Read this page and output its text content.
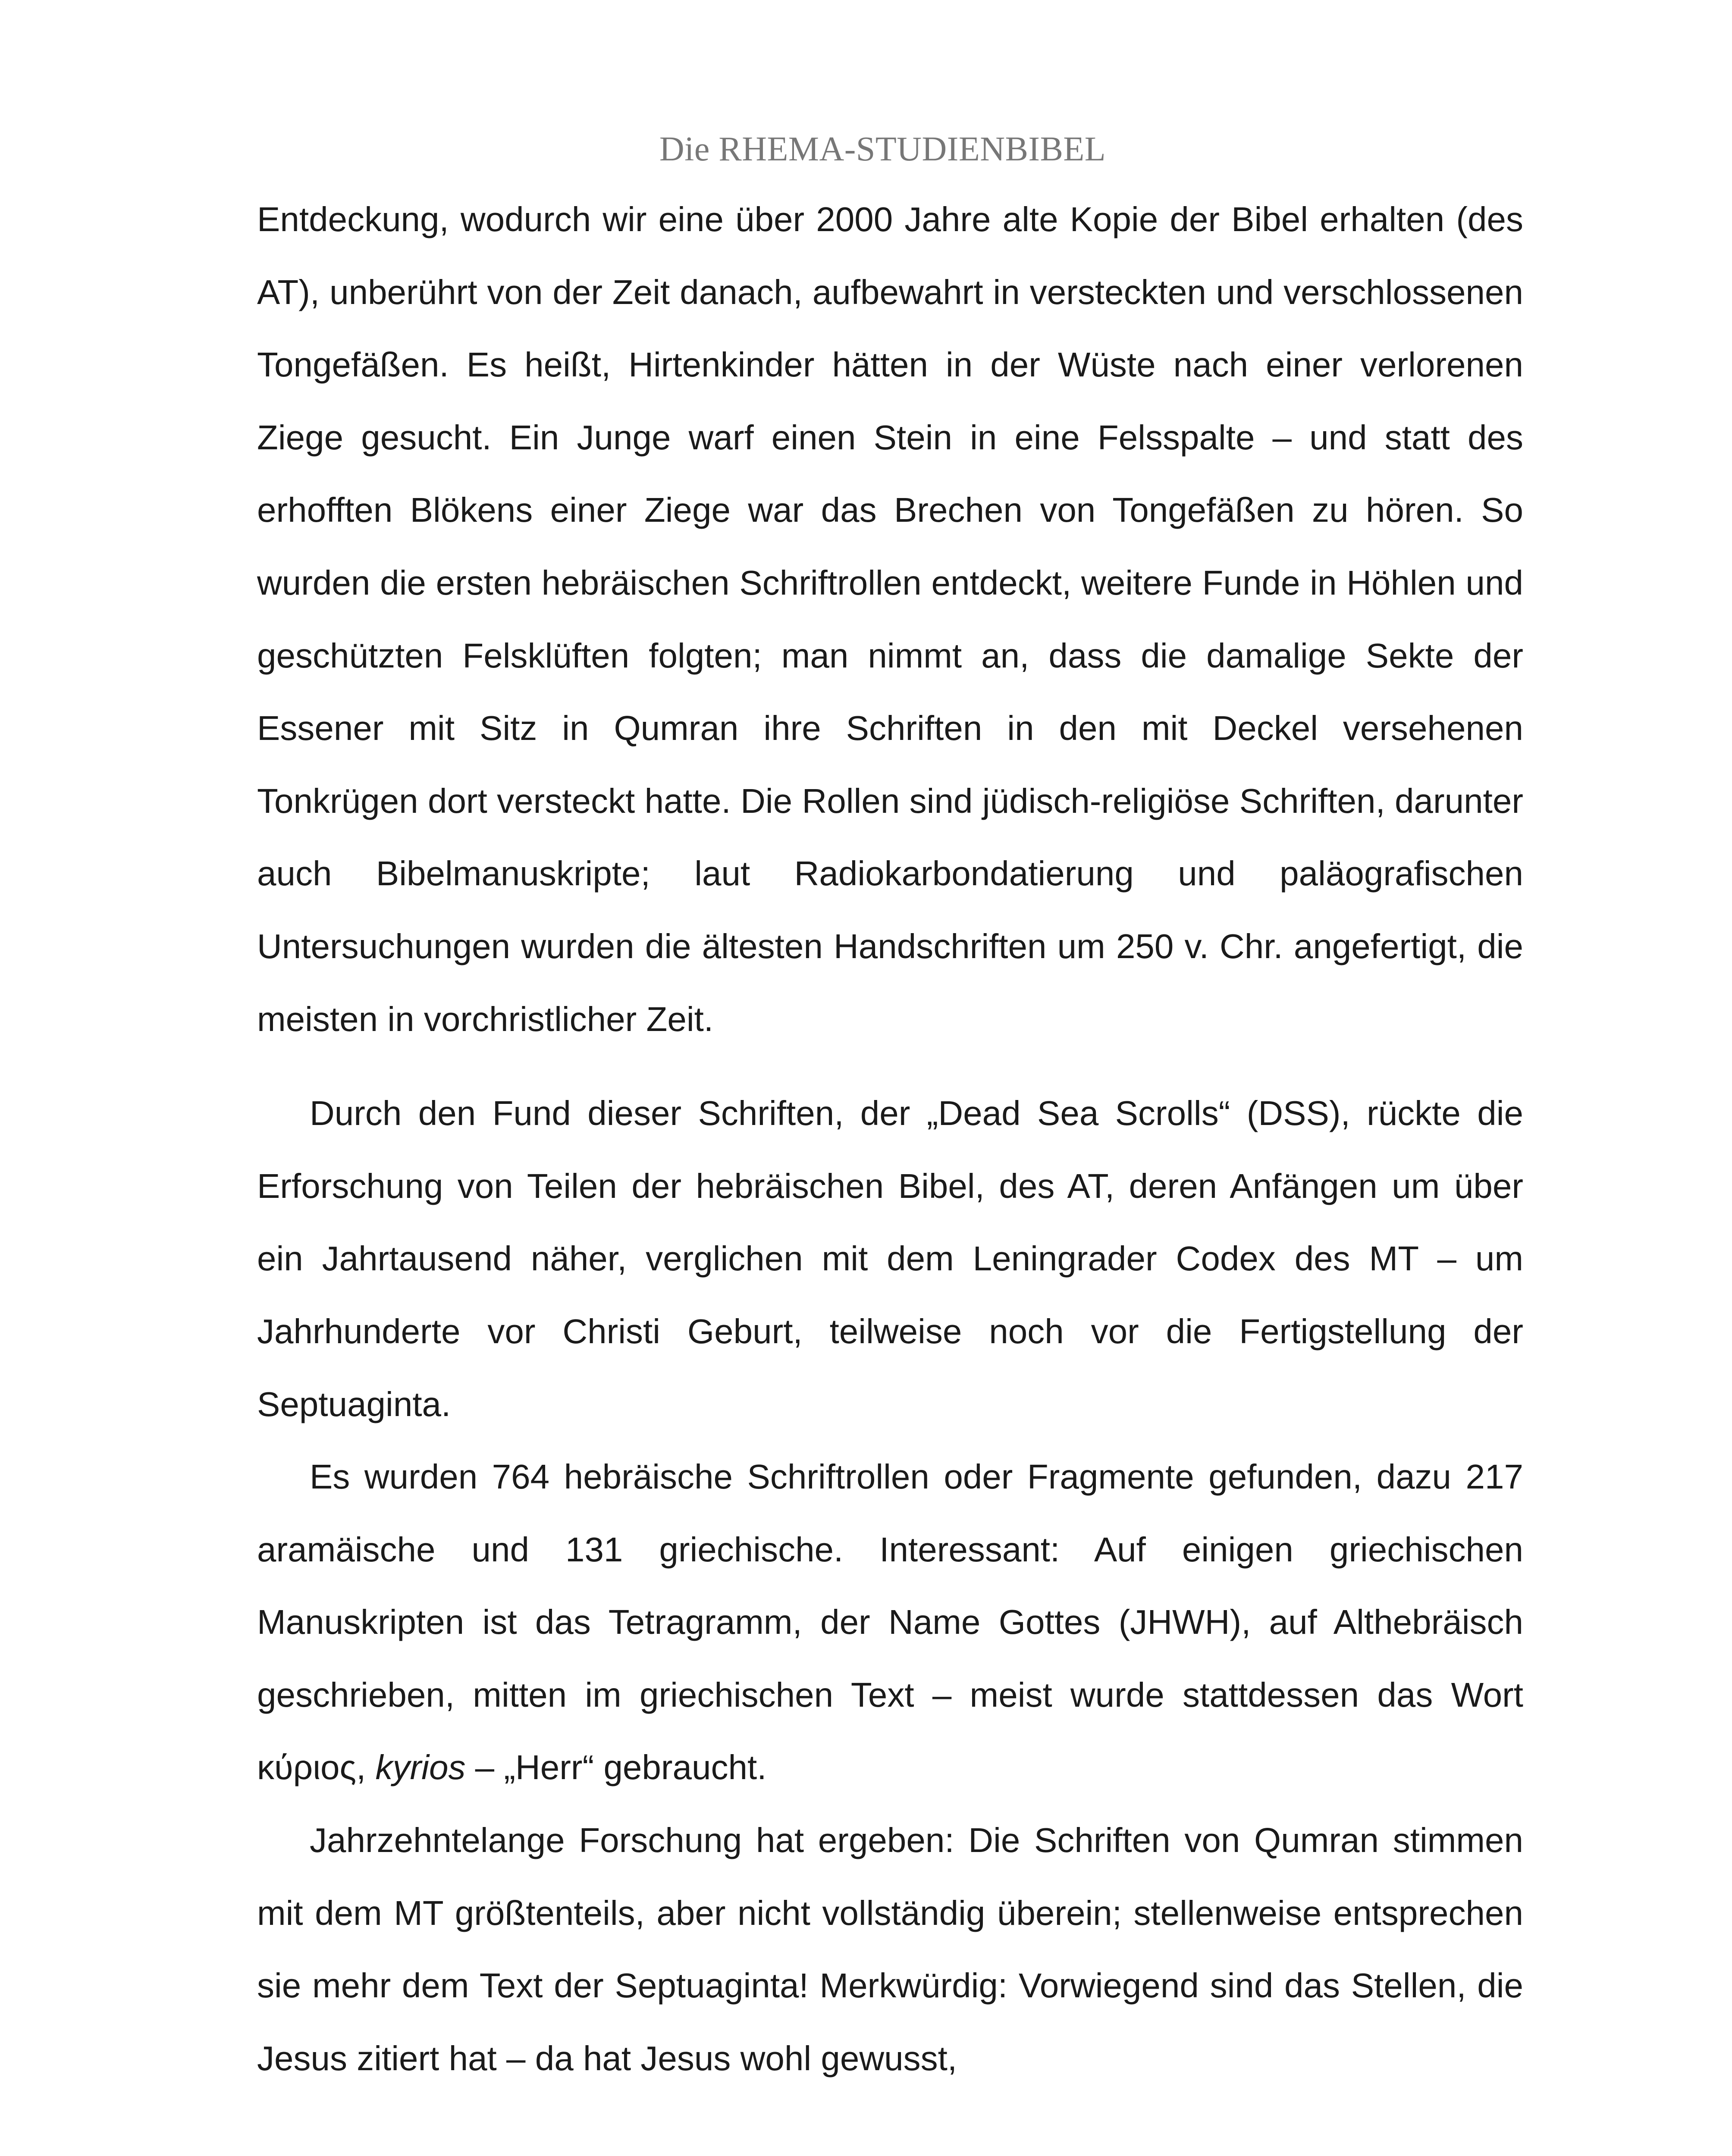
Die RHEMA-STUDIENBIBEL

Entdeckung, wodurch wir eine über 2000 Jahre alte Kopie der Bibel erhalten (des AT), unberührt von der Zeit danach, aufbewahrt in versteckten und verschlossenen Tongefäßen. Es heißt, Hirtenkinder hätten in der Wüste nach einer verlorenen Ziege gesucht. Ein Junge warf einen Stein in eine Felsspalte – und statt des erhofften Blökens einer Ziege war das Brechen von Tongefäßen zu hören. So wurden die ersten hebräischen Schriftrollen entdeckt, weitere Funde in Höhlen und geschützten Felsklüften folgten; man nimmt an, dass die damalige Sekte der Essener mit Sitz in Qumran ihre Schriften in den mit Deckel versehenen Tonkrügen dort versteckt hatte. Die Rollen sind jüdisch-religiöse Schriften, darunter auch Bibelmanuskripte; laut Radiokarbondatierung und paläografischen Untersuchungen wurden die ältesten Handschriften um 250 v. Chr. angefertigt, die meisten in vorchristlicher Zeit.

Durch den Fund dieser Schriften, der „Dead Sea Scrolls“ (DSS), rückte die Erforschung von Teilen der hebräischen Bibel, des AT, deren Anfängen um über ein Jahrtausend näher, verglichen mit dem Leningrader Codex des MT – um Jahrhunderte vor Christi Geburt, teilweise noch vor die Fertigstellung der Septuaginta.

Es wurden 764 hebräische Schriftrollen oder Fragmente gefunden, dazu 217 aramäische und 131 griechische. Interessant: Auf einigen griechischen Manuskripten ist das Tetragramm, der Name Gottes (JHWH), auf Althebräisch geschrieben, mitten im griechischen Text – meist wurde stattdessen das Wort κύριος, kyrios – „Herr“ gebraucht.

Jahrzehntelange Forschung hat ergeben: Die Schriften von Qumran stimmen mit dem MT größtenteils, aber nicht vollständig überein; stellenweise entsprechen sie mehr dem Text der Septuaginta! Merkwürdig: Vorwiegend sind das Stellen, die Jesus zitiert hat – da hat Jesus wohl gewusst,
